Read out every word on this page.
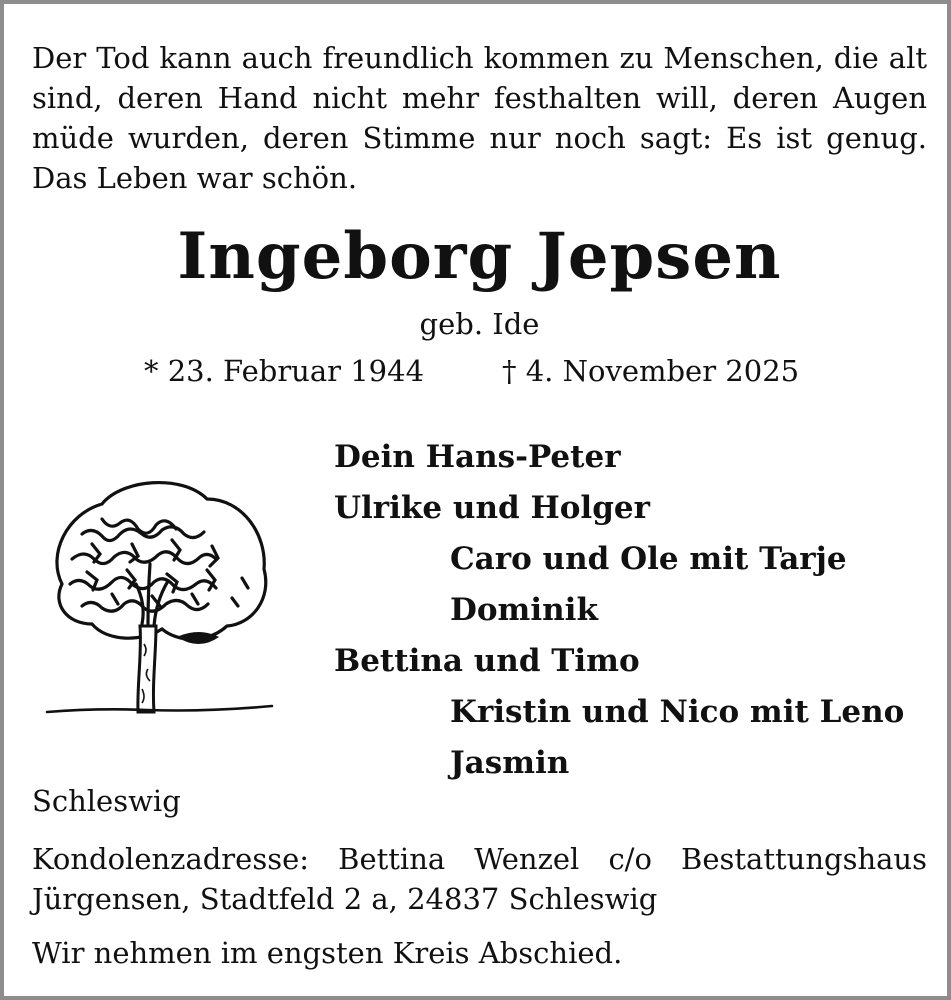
Der Tod kann auch freundlich kommen zu Menschen, die alt sind, deren Hand nicht mehr festhalten will, deren Augen müde wurden, deren Stimme nur noch sagt: Es ist genug. Das Leben war schön.
Ingeborg Jepsen
geb. Ide
* 23. Februar 1944	† 4. November 2025
Dein Hans-Peter
Ulrike und Holger
Caro und Ole mit Tarje
Dominik
Bettina und Timo
Kristin und Nico mit Leno
Jasmin
Schleswig
Kondolenzadresse: Bettina Wenzel c/o Bestattungshaus Jürgensen, Stadtfeld 2 a, 24837 Schleswig
Wir nehmen im engsten Kreis Abschied.
